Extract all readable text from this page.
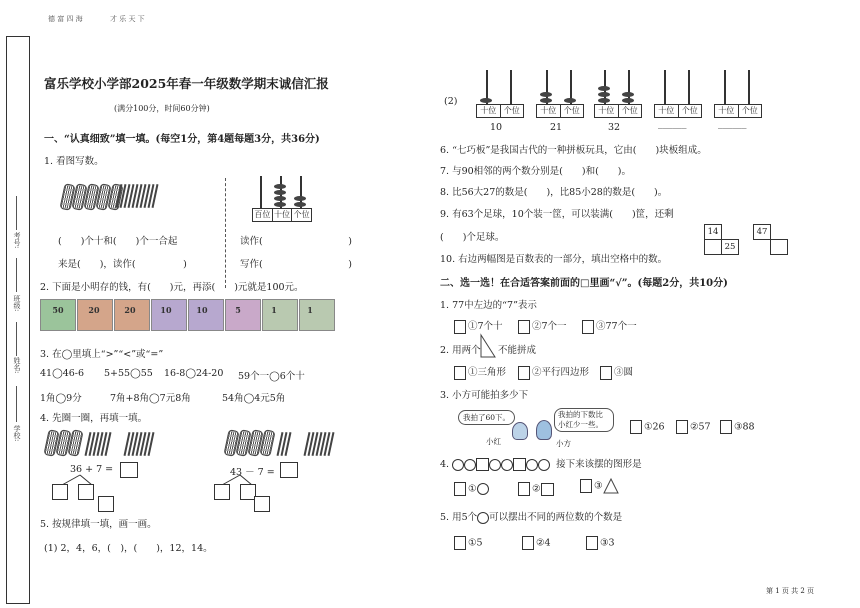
德 富 四 海	才 乐 天 下
考号:
班级:
姓名:
学校:
富乐学校小学部2025年春一年级数学期末诚信汇报
(满分100分，时间60分钟)
一、“认真细致”填一填。(每空1分，第4题每题3分，共36分)
1. 看图写数。
百位 十位 个位
(　　)个十和(　　)个一合起
来是(　　)，读作(　　　　　)
读作(　　　　　　　　　)
写作(　　　　　　　　　)
2. 下面是小明存的钱，有(　　)元，再添(　　)元就是100元。
50	20	20	10	10	5	1	1
3. 在◯里填上“>”“<”或“=”
41◯46-6 5+55◯55 16-8◯24-20 59个一◯6个十
1角◯9分	7角+8角◯7元8角	54角◯4元5角
4. 先圈一圈，再填一填。

36 + 7 =	43 － 7 =
5. 按规律填一填，画一画。
(1) 2，4，6，(　)，(　　)，12，14。
(2)
十位 个位	十位 个位	十位 个位	十位 个位	十位 个位
10	21	32	______	______
6. “七巧板”是我国古代的一种拼板玩具，它由(　　)块板组成。
7. 与90相邻的两个数分别是(　　)和(　　)。
8. 比56大27的数是(　　)，比85小28的数是(　　)。
9. 有63个足球，10个装一筐，可以装满(　　)筐，还剩
(　　)个足球。
10. 右边两幅图是百数表的一部分，填出空格中的数。
14
25
47
二、选一选！在合适答案前面的□里画“√”。(每题2分，共10分)
1. 77中左边的“7”表示
①7个十	②7个一	③77个一
2. 用两个 不能拼成
①三角形	②平行四边形	③圆
3. 小方可能拍多少下
我拍了60下。	我拍的下数比小红少一些。
小红	小方
①26	②57	③88
4.	接下来该摆的图形是
①	②	③
5. 用5个 可以摆出不同的两位数的个数是
①5	②4	③3
第 1 页 共 2 页
